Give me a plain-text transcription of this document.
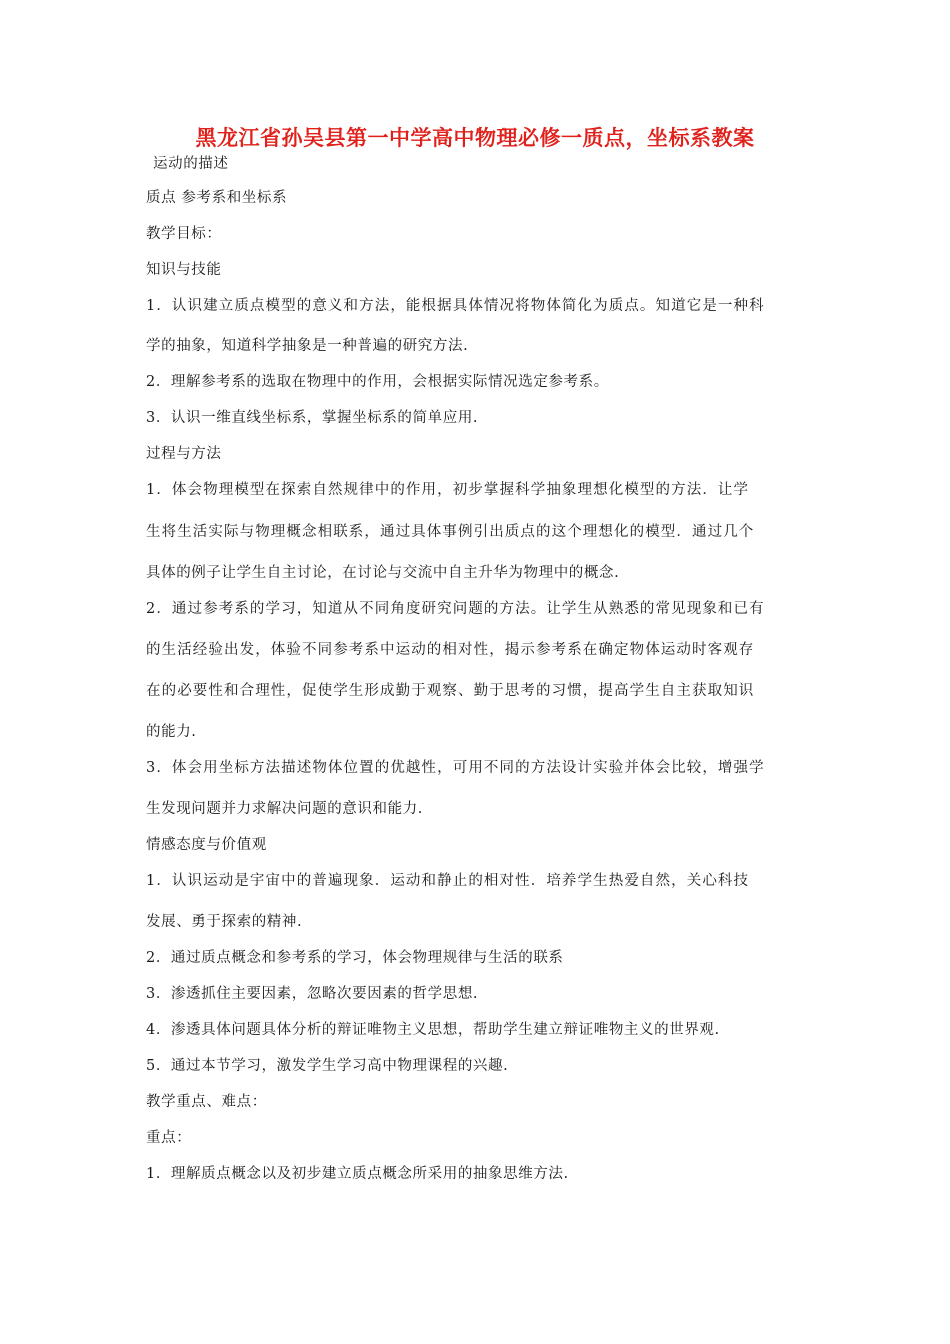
黑龙江省孙吴县第一中学高中物理必修一质点，坐标系教案
运动的描述
质点 参考系和坐标系
教学目标：
知识与技能
1．认识建立质点模型的意义和方法，能根据具体情况将物体简化为质点。知道它是一种科
学的抽象，知道科学抽象是一种普遍的研究方法.
2．理解参考系的选取在物理中的作用，会根据实际情况选定参考系。
3．认识一维直线坐标系，掌握坐标系的简单应用.
过程与方法
1．体会物理模型在探索自然规律中的作用，初步掌握科学抽象理想化模型的方法．让学
生将生活实际与物理概念相联系，通过具体事例引出质点的这个理想化的模型．通过几个
具体的例子让学生自主讨论，在讨论与交流中自主升华为物理中的概念.
2．通过参考系的学习，知道从不同角度研究问题的方法。让学生从熟悉的常见现象和已有
的生活经验出发，体验不同参考系中运动的相对性，揭示参考系在确定物体运动时客观存
在的必要性和合理性，促使学生形成勤于观察、勤于思考的习惯，提高学生自主获取知识
的能力.
3．体会用坐标方法描述物体位置的优越性，可用不同的方法设计实验并体会比较，增强学
生发现问题并力求解决问题的意识和能力.
情感态度与价值观
1．认识运动是宇宙中的普遍现象．运动和静止的相对性．培养学生热爱自然，关心科技
发展、勇于探索的精神.
2．通过质点概念和参考系的学习，体会物理规律与生活的联系
3．渗透抓住主要因素，忽略次要因素的哲学思想.
4．渗透具体问题具体分析的辩证唯物主义思想，帮助学生建立辩证唯物主义的世界观.
5．通过本节学习，激发学生学习高中物理课程的兴趣.
教学重点、难点：
重点：
1．理解质点概念以及初步建立质点概念所采用的抽象思维方法.
